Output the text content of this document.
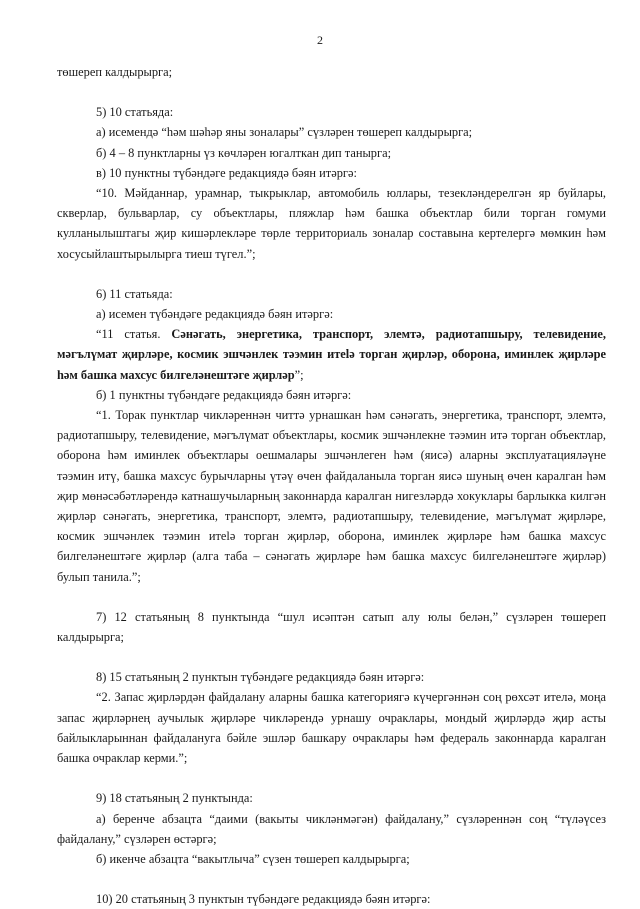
2

төшереп калдырырга;

5) 10 статьяда:

а) исемендә “һәм шәһәр яны зоналары” сүзләрен төшереп калдырырга;

б) 4 – 8 пунктларны үз көчләрен югалткан дип танырга;

в) 10 пунктны түбәндәге редакциядә бәян итәргә:

“10. Мәйданнар, урамнар, тыкрыклар, автомобиль юллары, тезекләндерелгән яр буйлары, скверлар, бульварлар, су объектлары, пляжлар һәм башка объектлар били торган гомуми кулланылыштагы җир кишәрлекләре төрле территориаль зоналар составына кертелергә мөмкин һәм хосусыйлаштырылырга тиеш түгел.”;

6) 11 статьяда:

а) исемен түбәндәге редакциядә бәян итәргә:

“11 статья. Сәнәгать, энергетика, транспорт, элемтә, радиотапшыру, телевидение, мәгълүмат җирләре, космик эшчәнлек тәэмин итеlә торган җирләр, оборона, иминлек җирләре һәм башка махсус билгеләнештәге җирләр”;

б) 1 пунктны түбәндәге редакциядә бәян итәргә:

“1. Торак пунктлар чикләреннән читтә урнашкан һәм сәнәгать, энергетика, транспорт, элемтә, радиотапшыру, телевидение, мәгълүмат объектлары, космик эшчәнлекне тәэмин итә торган объектлар, оборона һәм иминлек объектлары оешмалары эшчәнлеген һәм (яисә) аларны эксплуатацияләүне тәэмин итү, башка махсус бурычларны үтәү өчен файдаланыла торган яисә шуның өчен каралган һәм җир мөнәсәбәтләрендә катнашучыларның законнарда каралган нигезләрдә хокуклары барлыкка килгән җирләр сәнәгать, энергетика, транспорт, элемтә, радиотапшыру, телевидение, мәгълүмат җирләре, космик эшчәнлек тәэмин итеlә торган җирләр, оборона, иминлек җирләре һәм башка махсус билгеләнештәге җирләр (алга таба – сәнәгать җирләре һәм башка махсус билгеләнештәге җирләр) булып танила.”;

7) 12 статьяның 8 пунктында “шул исәптән сатып алу юлы белән,” сүзләрен төшереп калдырырга;

8) 15 статьяның 2 пунктын түбәндәге редакциядә бәян итәргә:

“2. Запас җирләрдән файдалану аларны башка категориягә күчергәннән соң рөхсәт ителә, моңа запас җирләрнең аучылык җирләре чикләрендә урнашу очраклары, мондый җирләрдә җир асты байлыкларыннан файдалануга бәйле эшләр башкару очраклары һәм федераль законнарда каралган башка очраклар керми.”;

9) 18 статьяның 2 пунктында:

а) беренче абзацта “даими (вакыты чикләнмәгән) файдалану,” сүзләреннән соң “түләүсез файдалану,” сүзләрен өстәргә;

б) икенче абзацта “вакытлыча” сүзен төшереп калдырырга;

10) 20 статьяның 3 пунктын түбәндәге редакциядә бәян итәргә:
